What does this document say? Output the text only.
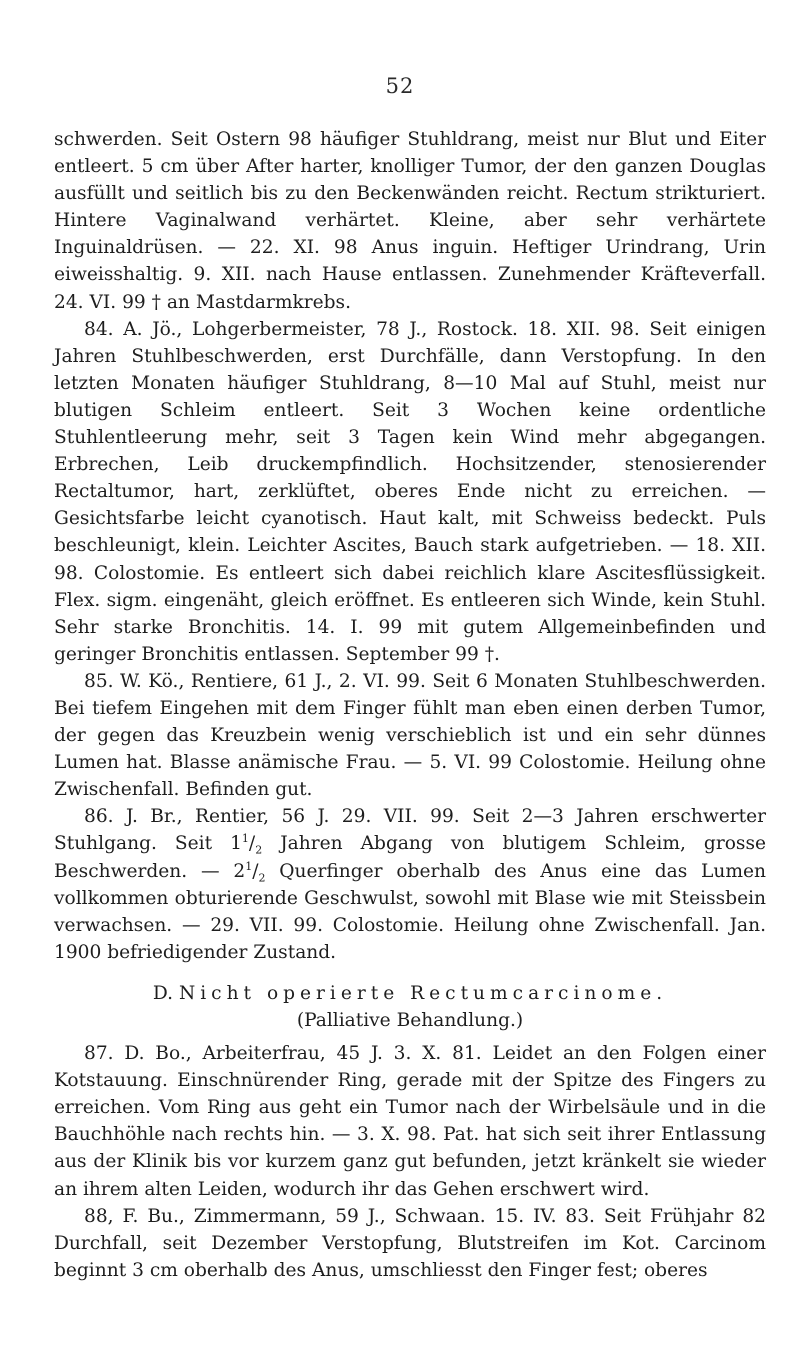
52

schwerden. Seit Ostern 98 häufiger Stuhldrang, meist nur Blut und Eiter entleert. 5 cm über After harter, knolliger Tumor, der den ganzen Douglas ausfüllt und seitlich bis zu den Beckenwänden reicht. Rectum strikturiert. Hintere Vaginalwand verhärtet. Kleine, aber sehr verhärtete Inguinaldrüsen. — 22. XI. 98 Anus inguin. Heftiger Urindrang, Urin eiweisshaltig. 9. XII. nach Hause entlassen. Zunehmender Kräfteverfall. 24. VI. 99 † an Mastdarmkrebs.

84. A. Jö., Lohgerbermeister, 78 J., Rostock. 18. XII. 98. Seit einigen Jahren Stuhlbeschwerden, erst Durchfälle, dann Verstopfung. In den letzten Monaten häufiger Stuhldrang, 8—10 Mal auf Stuhl, meist nur blutigen Schleim entleert. Seit 3 Wochen keine ordentliche Stuhlentleerung mehr, seit 3 Tagen kein Wind mehr abgegangen. Erbrechen, Leib druckempfindlich. Hochsitzender, stenosierender Rectaltumor, hart, zerklüftet, oberes Ende nicht zu erreichen. — Gesichtsfarbe leicht cyanotisch. Haut kalt, mit Schweiss bedeckt. Puls beschleunigt, klein. Leichter Ascites, Bauch stark aufgetrieben. — 18. XII. 98. Colostomie. Es entleert sich dabei reichlich klare Ascitesflüssigkeit. Flex. sigm. eingenäht, gleich eröffnet. Es entleeren sich Winde, kein Stuhl. Sehr starke Bronchitis. 14. I. 99 mit gutem Allgemeinbefinden und geringer Bronchitis entlassen. September 99 †.

85. W. Kö., Rentiere, 61 J., 2. VI. 99. Seit 6 Monaten Stuhlbeschwerden. Bei tiefem Eingehen mit dem Finger fühlt man eben einen derben Tumor, der gegen das Kreuzbein wenig verschieblich ist und ein sehr dünnes Lumen hat. Blasse anämische Frau. — 5. VI. 99 Colostomie. Heilung ohne Zwischenfall. Befinden gut.

86. J. Br., Rentier, 56 J. 29. VII. 99. Seit 2—3 Jahren erschwerter Stuhlgang. Seit $1^1/_2$ Jahren Abgang von blutigem Schleim, grosse Beschwerden. — $2^1/_2$ Querfinger oberhalb des Anus eine das Lumen vollkommen obturierende Geschwulst, sowohl mit Blase wie mit Steissbein verwachsen. — 29. VII. 99. Colostomie. Heilung ohne Zwischenfall. Jan. 1900 befriedigender Zustand.

D. Nicht operierte Rectumcarcinome.

(Palliative Behandlung.)

87. D. Bo., Arbeiterfrau, 45 J. 3. X. 81. Leidet an den Folgen einer Kotstauung. Einschnürender Ring, gerade mit der Spitze des Fingers zu erreichen. Vom Ring aus geht ein Tumor nach der Wirbelsäule und in die Bauchhöhle nach rechts hin. — 3. X. 98. Pat. hat sich seit ihrer Entlassung aus der Klinik bis vor kurzem ganz gut befunden, jetzt kränkelt sie wieder an ihrem alten Leiden, wodurch ihr das Gehen erschwert wird.

88, F. Bu., Zimmermann, 59 J., Schwaan. 15. IV. 83. Seit Frühjahr 82 Durchfall, seit Dezember Verstopfung, Blutstreifen im Kot. Carcinom beginnt 3 cm oberhalb des Anus, umschliesst den Finger fest; oberes
